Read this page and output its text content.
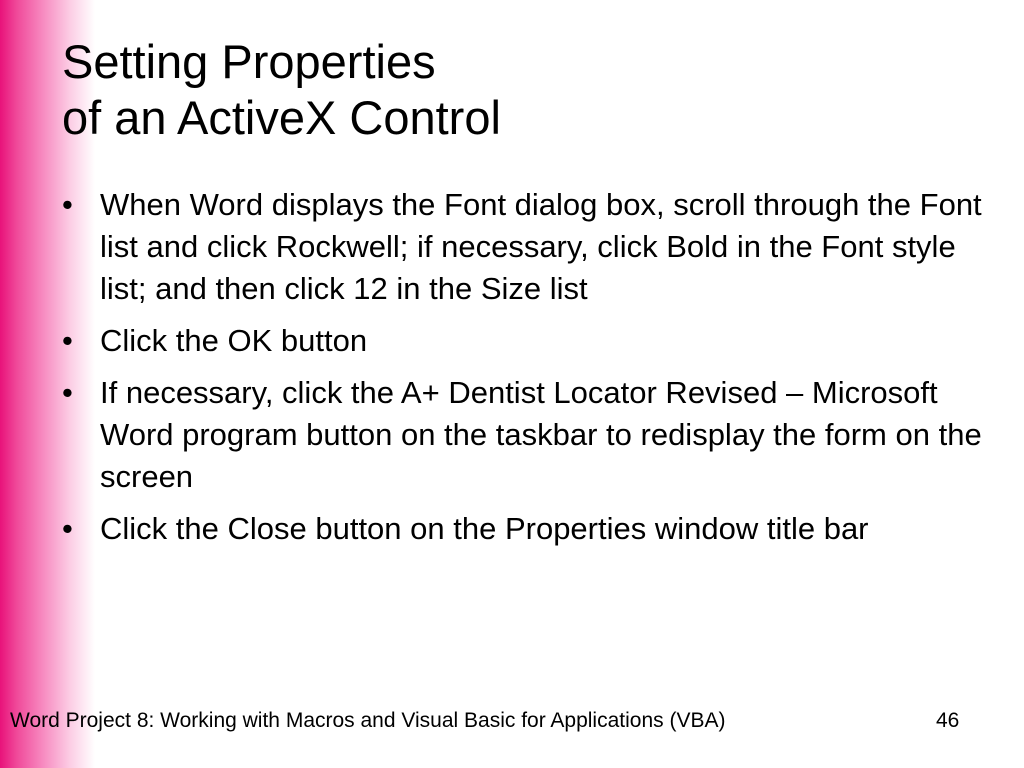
Setting Properties
of an ActiveX Control
• When Word displays the Font dialog box, scroll through the Font list and click Rockwell; if necessary, click Bold in the Font style list; and then click 12 in the Size list
• Click the OK button
• If necessary, click the A+ Dentist Locator Revised – Microsoft Word program button on the taskbar to redisplay the form on the screen
• Click the Close button on the Properties window title bar
Word Project 8: Working with Macros and Visual Basic for Applications (VBA)	46
